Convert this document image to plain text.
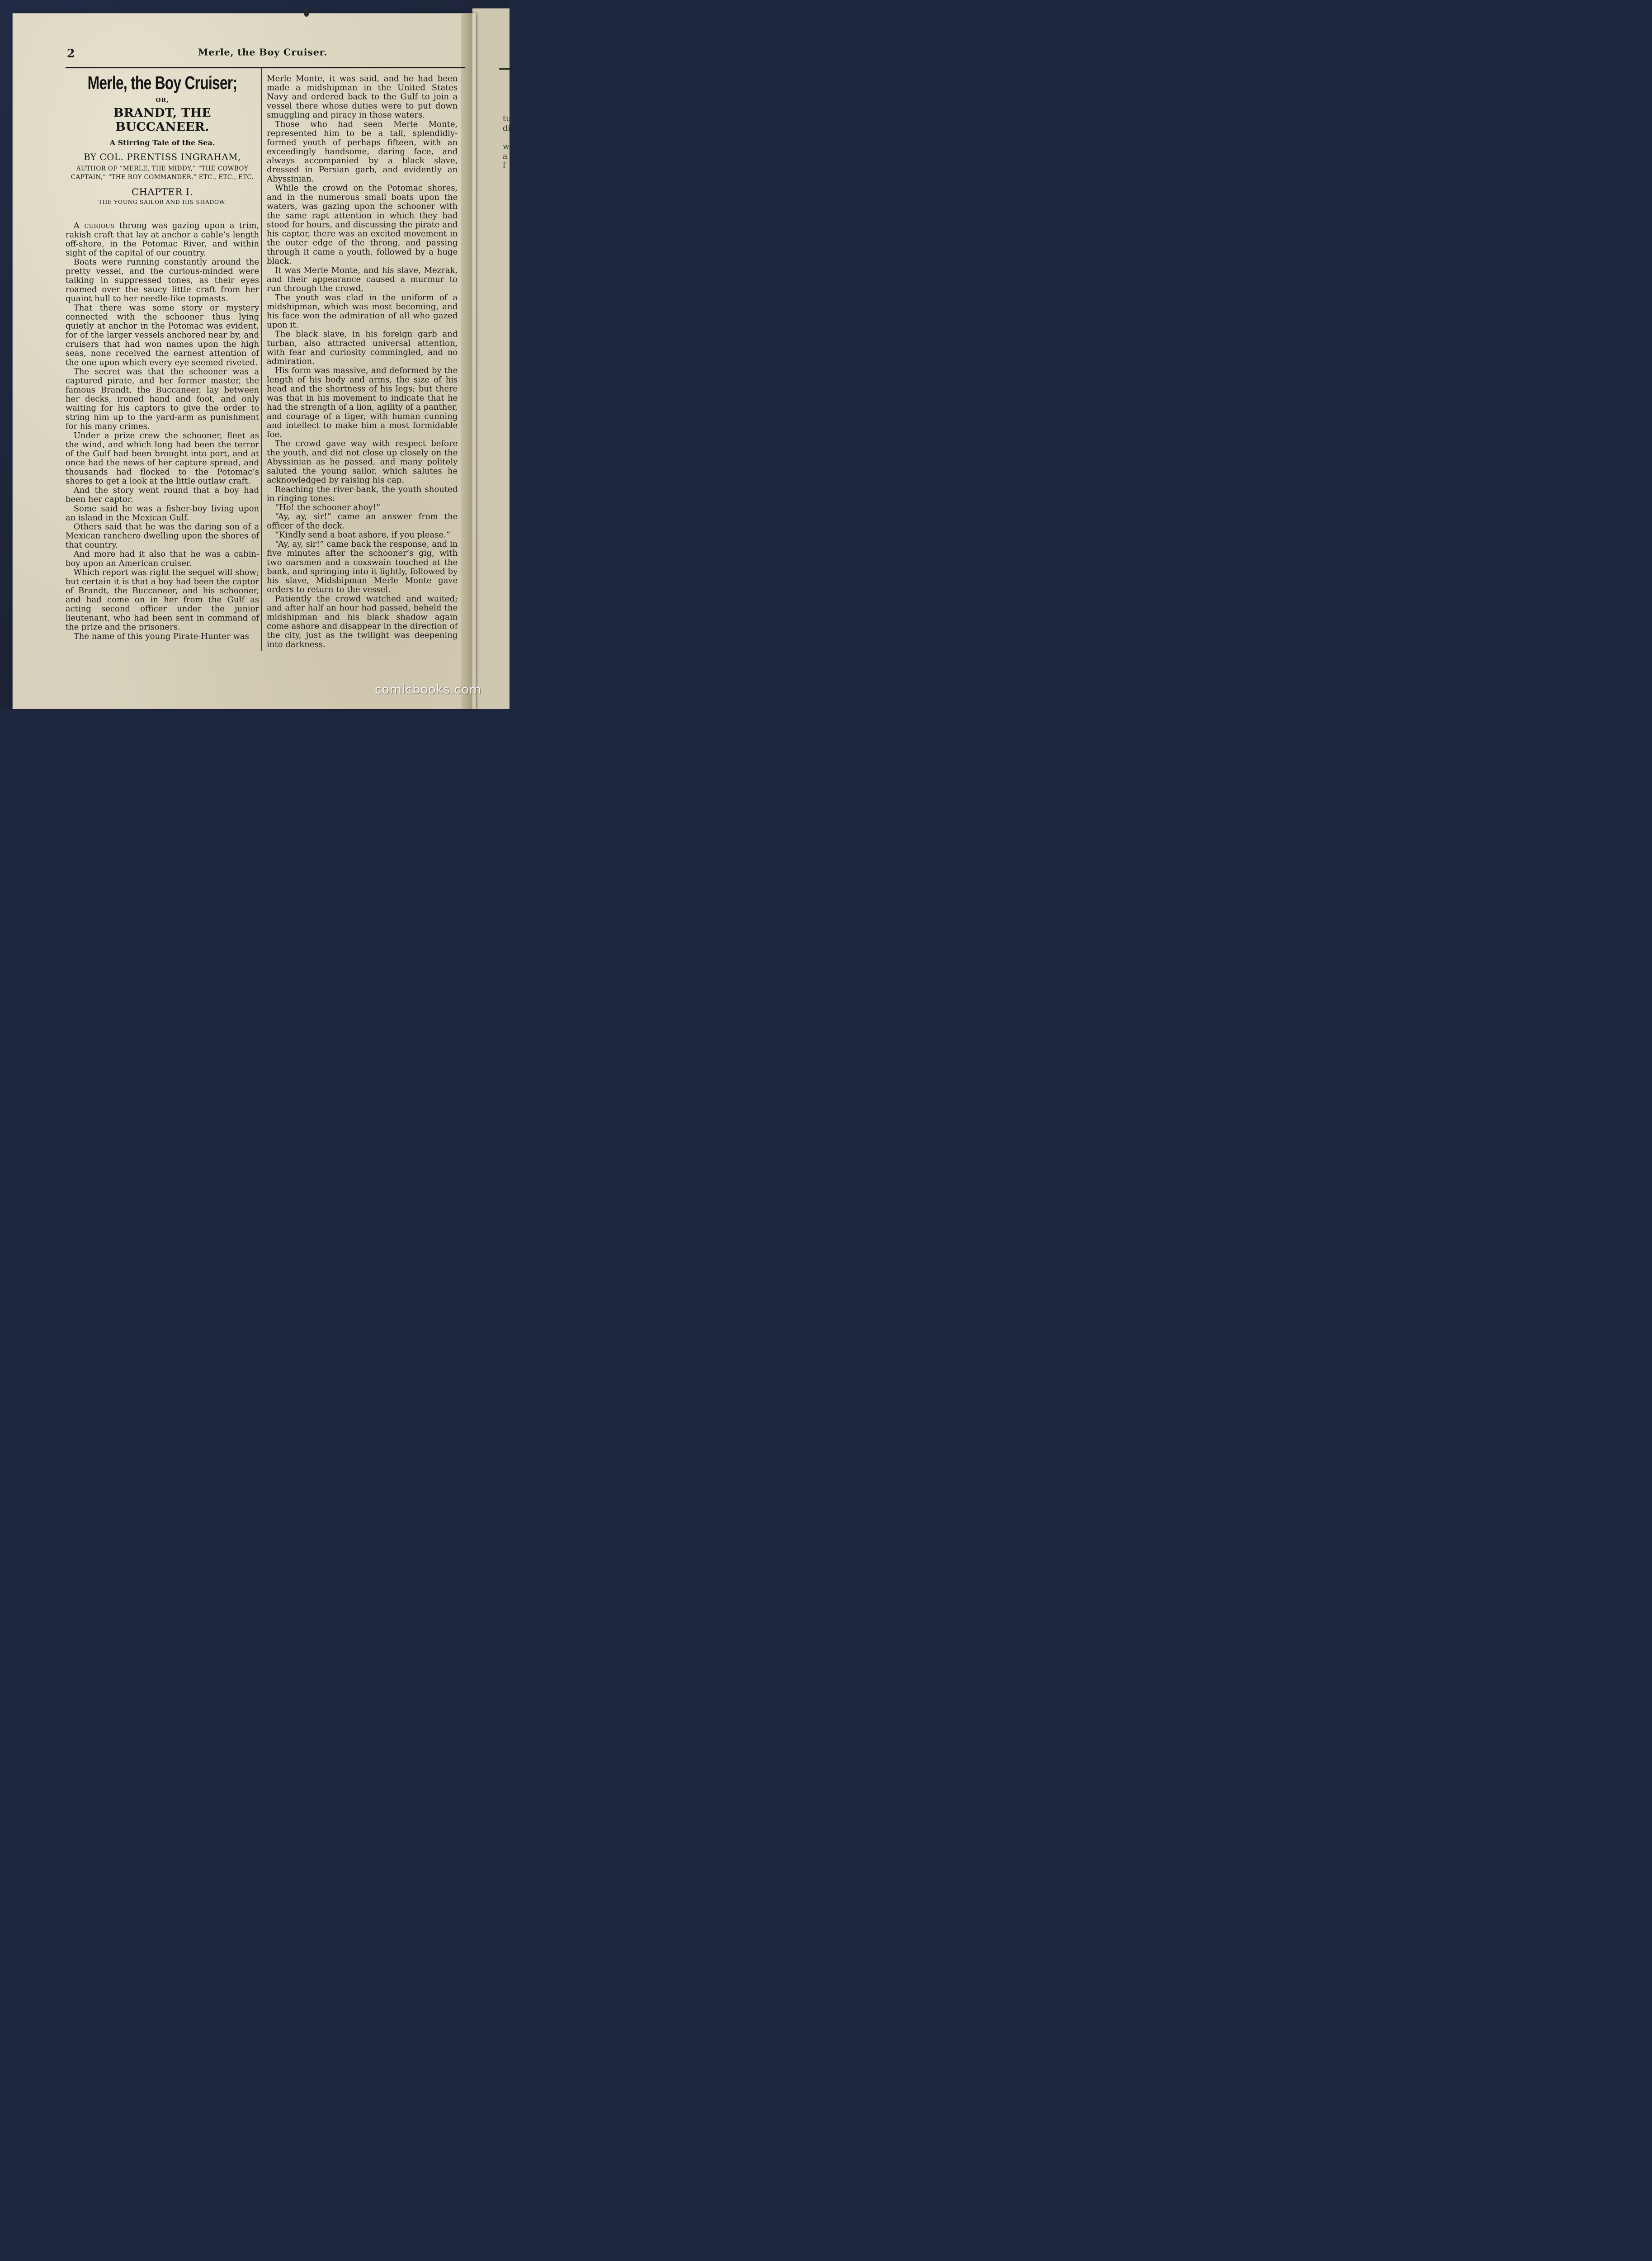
tu
di
w
a
f
2	Merle, the Boy Cruiser.
Merle, the Boy Cruiser;
OR,
BRANDT, THE BUCCANEER.
A Stirring Tale of the Sea.
BY COL. PRENTISS INGRAHAM,
AUTHOR OF “MERLE, THE MIDDY,” “THE COWBOY CAPTAIN,” “THE BOY COMMANDER,” ETC., ETC., ETC.
CHAPTER I.
THE YOUNG SAILOR AND HIS SHADOW.

A curious throng was gazing upon a trim, rakish craft that lay at anchor a cable’s length off-shore, in the Potomac River, and within sight of the capital of our country.

Boats were running constantly around the pretty vessel, and the curious-minded were talking in suppressed tones, as their eyes roamed over the saucy little craft from her quaint hull to her needle-like topmasts.

That there was some story or mystery connected with the schooner thus lying quietly at anchor in the Potomac was evident, for of the larger vessels anchored near by, and cruisers that had won names upon the high seas, none received the earnest attention of the one upon which every eye seemed riveted.

The secret was that the schooner was a captured pirate, and her former master, the famous Brandt, the Buccaneer, lay between her decks, ironed hand and foot, and only waiting for his captors to give the order to string him up to the yard-arm as punishment for his many crimes.

Under a prize crew the schooner, fleet as the wind, and which long had been the terror of the Gulf had been brought into port, and at once had the news of her capture spread, and thousands had flocked to the Potomac’s shores to get a look at the little outlaw craft.

And the story went round that a boy had been her captor.

Some said he was a fisher-boy living upon an island in the Mexican Gulf.

Others said that he was the daring son of a Mexican ranchero dwelling upon the shores of that country.

And more had it also that he was a cabin-boy upon an American cruiser.

Which report was right the sequel will show; but certain it is that a boy had been the captor of Brandt, the Buccaneer, and his schooner, and had come on in her from the Gulf as acting second officer under the junior lieutenant, who had been sent in command of the prize and the prisoners.

The name of this young Pirate-Hunter was

Merle Monte, it was said, and he had been made a midshipman in the United States Navy and ordered back to the Gulf to join a vessel there whose duties were to put down smuggling and piracy in those waters.

Those who had seen Merle Monte, represented him to be a tall, splendidly-formed youth of perhaps fifteen, with an exceedingly handsome, daring face, and always accompanied by a black slave, dressed in Persian garb, and evidently an Abyssinian.

While the crowd on the Potomac shores, and in the numerous small boats upon the waters, was gazing upon the schooner with the same rapt attention in which they had stood for hours, and discussing the pirate and his captor, there was an excited movement in the outer edge of the throng, and passing through it came a youth, followed by a huge black.

It was Merle Monte, and his slave, Mezrak, and their appearance caused a murmur to run through the crowd,

The youth was clad in the uniform of a midshipman, which was most becoming, and his face won the admiration of all who gazed upon it.

The black slave, in his foreign garb and turban, also attracted universal attention, with fear and curiosity commingled, and no admiration.

His form was massive, and deformed by the length of his body and arms, the size of his head and the shortness of his legs; but there was that in his movement to indicate that he had the strength of a lion, agility of a panther, and courage of a tiger, with human cunning and intellect to make him a most formidable foe.

The crowd gave way with respect before the youth, and did not close up closely on the Abyssinian as he passed, and many politely saluted the young sailor, which salutes he acknowledged by raising his cap.

Reaching the river-bank, the youth shouted in ringing tones:

“Ho! the schooner ahoy!”

“Ay, ay, sir!” came an answer from the officer of the deck.

“Kindly send a boat ashore, if you please.”

“Ay, ay, sir!” came back the response, and in five minutes after the schooner’s gig, with two oarsmen and a coxswain touched at the bank, and springing into it lightly, followed by his slave, Midshipman Merle Monte gave orders to return to the vessel.

Patiently the crowd watched and waited; and after half an hour had passed, beheld the midshipman and his black shadow again come ashore and disappear in the direction of the city, just as the twilight was deepening into darkness.

comicbooks.com
